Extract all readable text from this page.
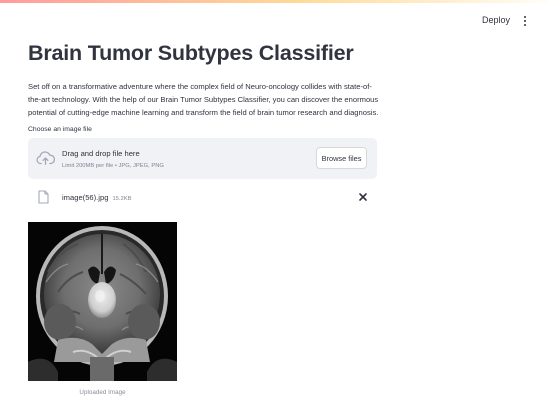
Deploy
Brain Tumor Subtypes Classifier

Set off on a transformative adventure where the complex field of Neuro-oncology collides with state-of-the-art technology. With the help of our Brain Tumor Subtypes Classifier, you can discover the enormous potential of cutting-edge machine learning and transform the field of brain tumor research and diagnosis.

Choose an image file
Drag and drop file here
Limit 200MB per file • JPG, JPEG, PNG
Browse files
image(56).jpg 15.2KB
Uploaded Image
